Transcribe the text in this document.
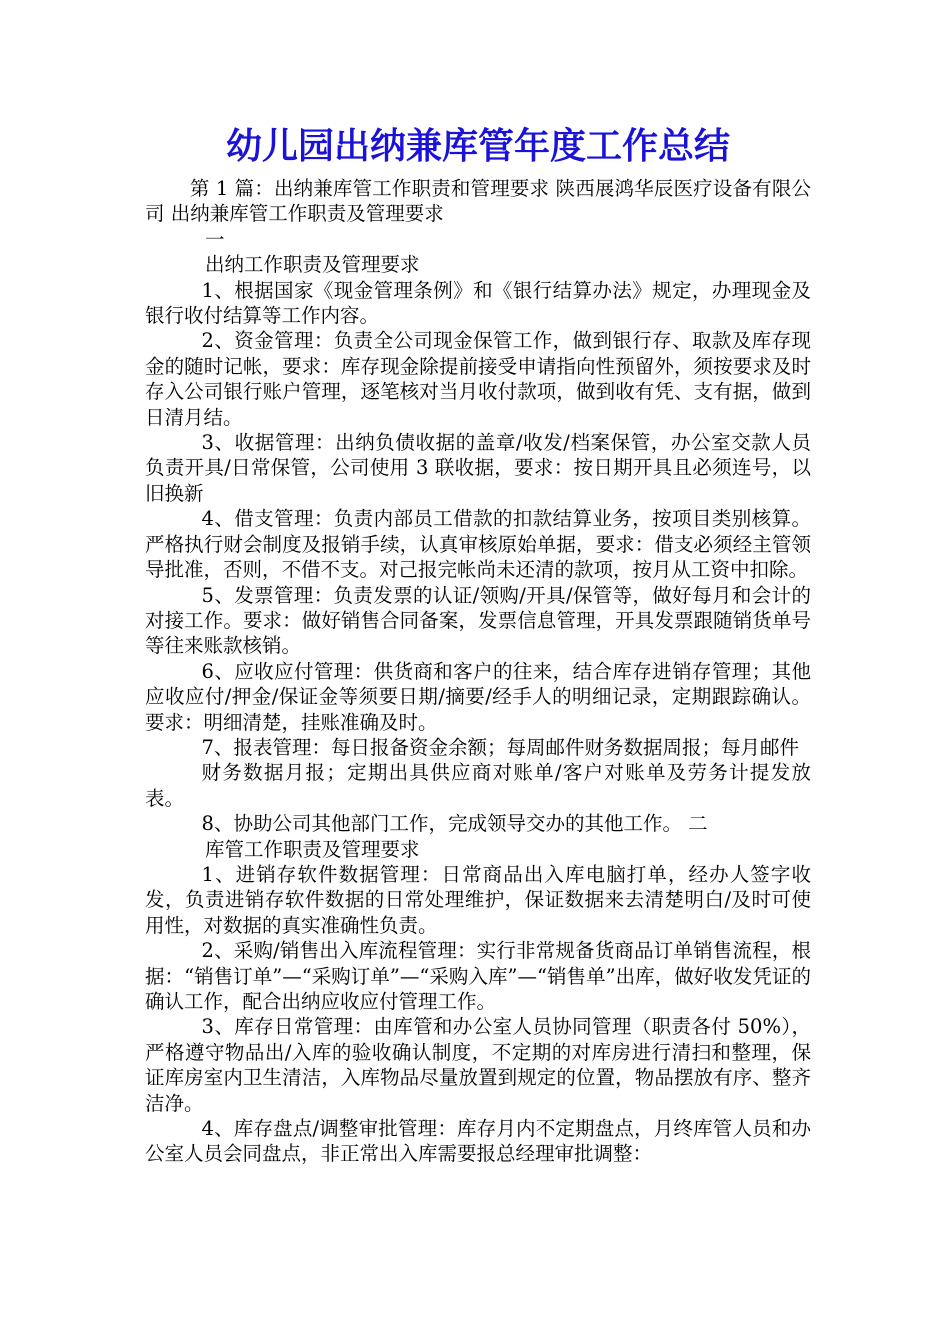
幼儿园出纳兼库管年度工作总结

第 1 篇：出纳兼库管工作职责和管理要求 陕西展鸿华辰医疗设备有限公司 出纳兼库管工作职责及管理要求

一

出纳工作职责及管理要求

1、根据国家《现金管理条例》和《银行结算办法》规定，办理现金及银行收付结算等工作内容。

2、资金管理：负责全公司现金保管工作，做到银行存、取款及库存现金的随时记帐，要求：库存现金除提前接受申请指向性预留外，须按要求及时存入公司银行账户管理，逐笔核对当月收付款项，做到收有凭、支有据，做到日清月结。

3、收据管理：出纳负债收据的盖章/收发/档案保管，办公室交款人员负责开具/日常保管，公司使用 3 联收据，要求：按日期开具且必须连号，以旧换新

4、借支管理：负责内部员工借款的扣款结算业务，按项目类别核算。严格执行财会制度及报销手续，认真审核原始单据，要求：借支必须经主管领导批准，否则，不借不支。对己报完帐尚未还清的款项，按月从工资中扣除。

5、发票管理：负责发票的认证/领购/开具/保管等，做好每月和会计的对接工作。要求：做好销售合同备案，发票信息管理，开具发票跟随销货单号等往来账款核销。

6、应收应付管理：供货商和客户的往来，结合库存进销存管理；其他应收应付/押金/保证金等须要日期/摘要/经手人的明细记录，定期跟踪确认。要求：明细清楚，挂账准确及时。

7、报表管理：每日报备资金余额；每周邮件财务数据周报；每月邮件

财务数据月报；定期出具供应商对账单/客户对账单及劳务计提发放表。

8、协助公司其他部门工作，完成领导交办的其他工作。 二

库管工作职责及管理要求

1、进销存软件数据管理：日常商品出入库电脑打单，经办人签字收发，负责进销存软件数据的日常处理维护，保证数据来去清楚明白/及时可使用性，对数据的真实准确性负责。

2、采购/销售出入库流程管理：实行非常规备货商品订单销售流程，根据：“销售订单”—“采购订单”—“采购入库”—“销售单”出库，做好收发凭证的确认工作，配合出纳应收应付管理工作。

3、库存日常管理：由库管和办公室人员协同管理（职责各付 50%），严格遵守物品出/入库的验收确认制度，不定期的对库房进行清扫和整理，保证库房室内卫生清洁，入库物品尽量放置到规定的位置，物品摆放有序、整齐洁净。

4、库存盘点/调整审批管理：库存月内不定期盘点，月终库管人员和办公室人员会同盘点，非正常出入库需要报总经理审批调整：
